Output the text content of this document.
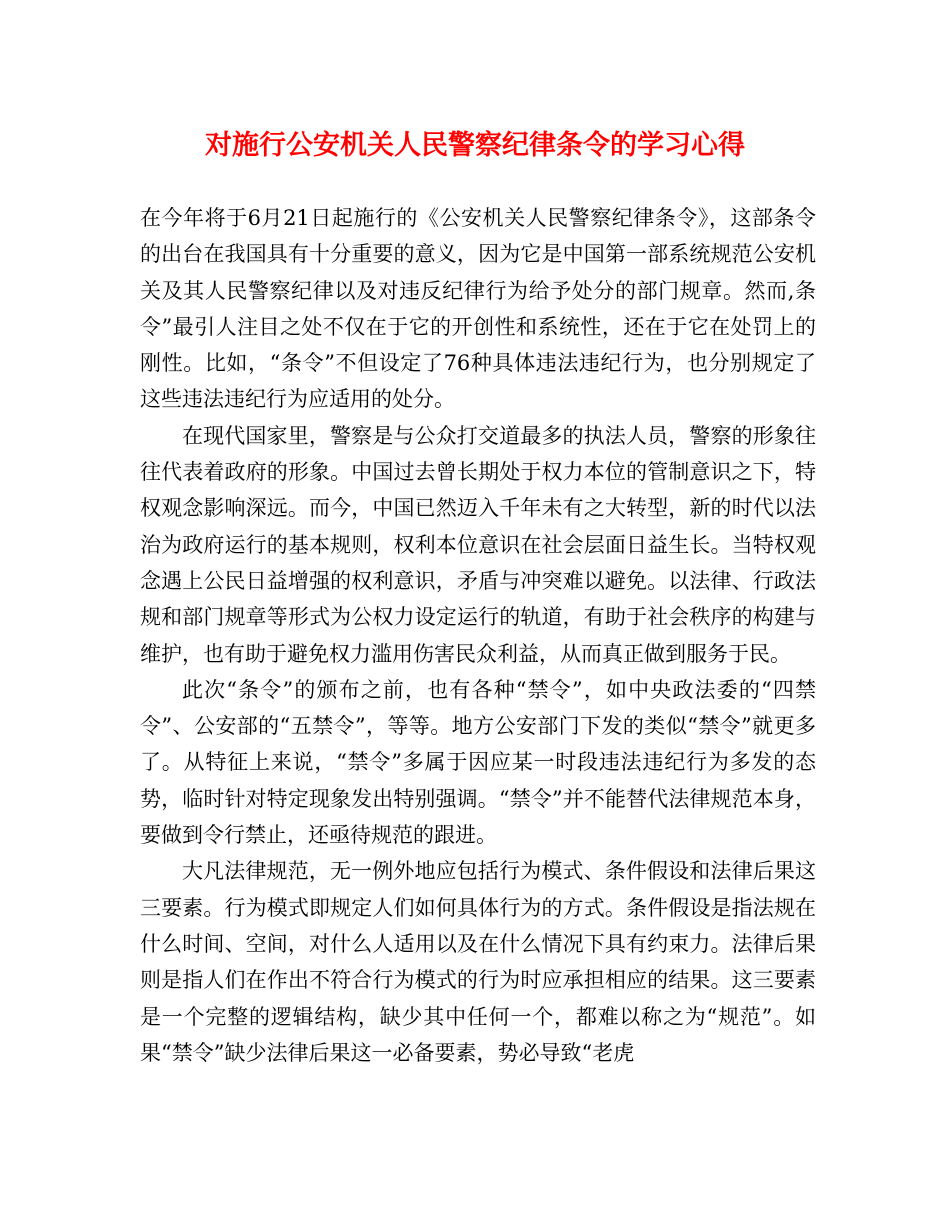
对施行公安机关人民警察纪律条令的学习心得

在今年将于6月21日起施行的《公安机关人民警察纪律条令》，这部条令的出台在我国具有十分重要的意义，因为它是中国第一部系统规范公安机关及其人民警察纪律以及对违反纪律行为给予处分的部门规章。然而,条令”最引人注目之处不仅在于它的开创性和系统性，还在于它在处罚上的刚性。比如，“条令”不但设定了76种具体违法违纪行为，也分别规定了这些违法违纪行为应适用的处分。

在现代国家里，警察是与公众打交道最多的执法人员，警察的形象往往代表着政府的形象。中国过去曾长期处于权力本位的管制意识之下，特权观念影响深远。而今，中国已然迈入千年未有之大转型，新的时代以法治为政府运行的基本规则，权利本位意识在社会层面日益生长。当特权观念遇上公民日益增强的权利意识，矛盾与冲突难以避免。以法律、行政法规和部门规章等形式为公权力设定运行的轨道，有助于社会秩序的构建与维护，也有助于避免权力滥用伤害民众利益，从而真正做到服务于民。

此次“条令”的颁布之前，也有各种“禁令”，如中央政法委的“四禁令”、公安部的“五禁令”，等等。地方公安部门下发的类似“禁令”就更多了。从特征上来说，“禁令”多属于因应某一时段违法违纪行为多发的态势，临时针对特定现象发出特别强调。“禁令”并不能替代法律规范本身，要做到令行禁止，还亟待规范的跟进。

大凡法律规范，无一例外地应包括行为模式、条件假设和法律后果这三要素。行为模式即规定人们如何具体行为的方式。条件假设是指法规在什么时间、空间，对什么人适用以及在什么情况下具有约束力。法律后果则是指人们在作出不符合行为模式的行为时应承担相应的结果。这三要素是一个完整的逻辑结构，缺少其中任何一个，都难以称之为“规范”。如果“禁令”缺少法律后果这一必备要素，势必导致“老虎
